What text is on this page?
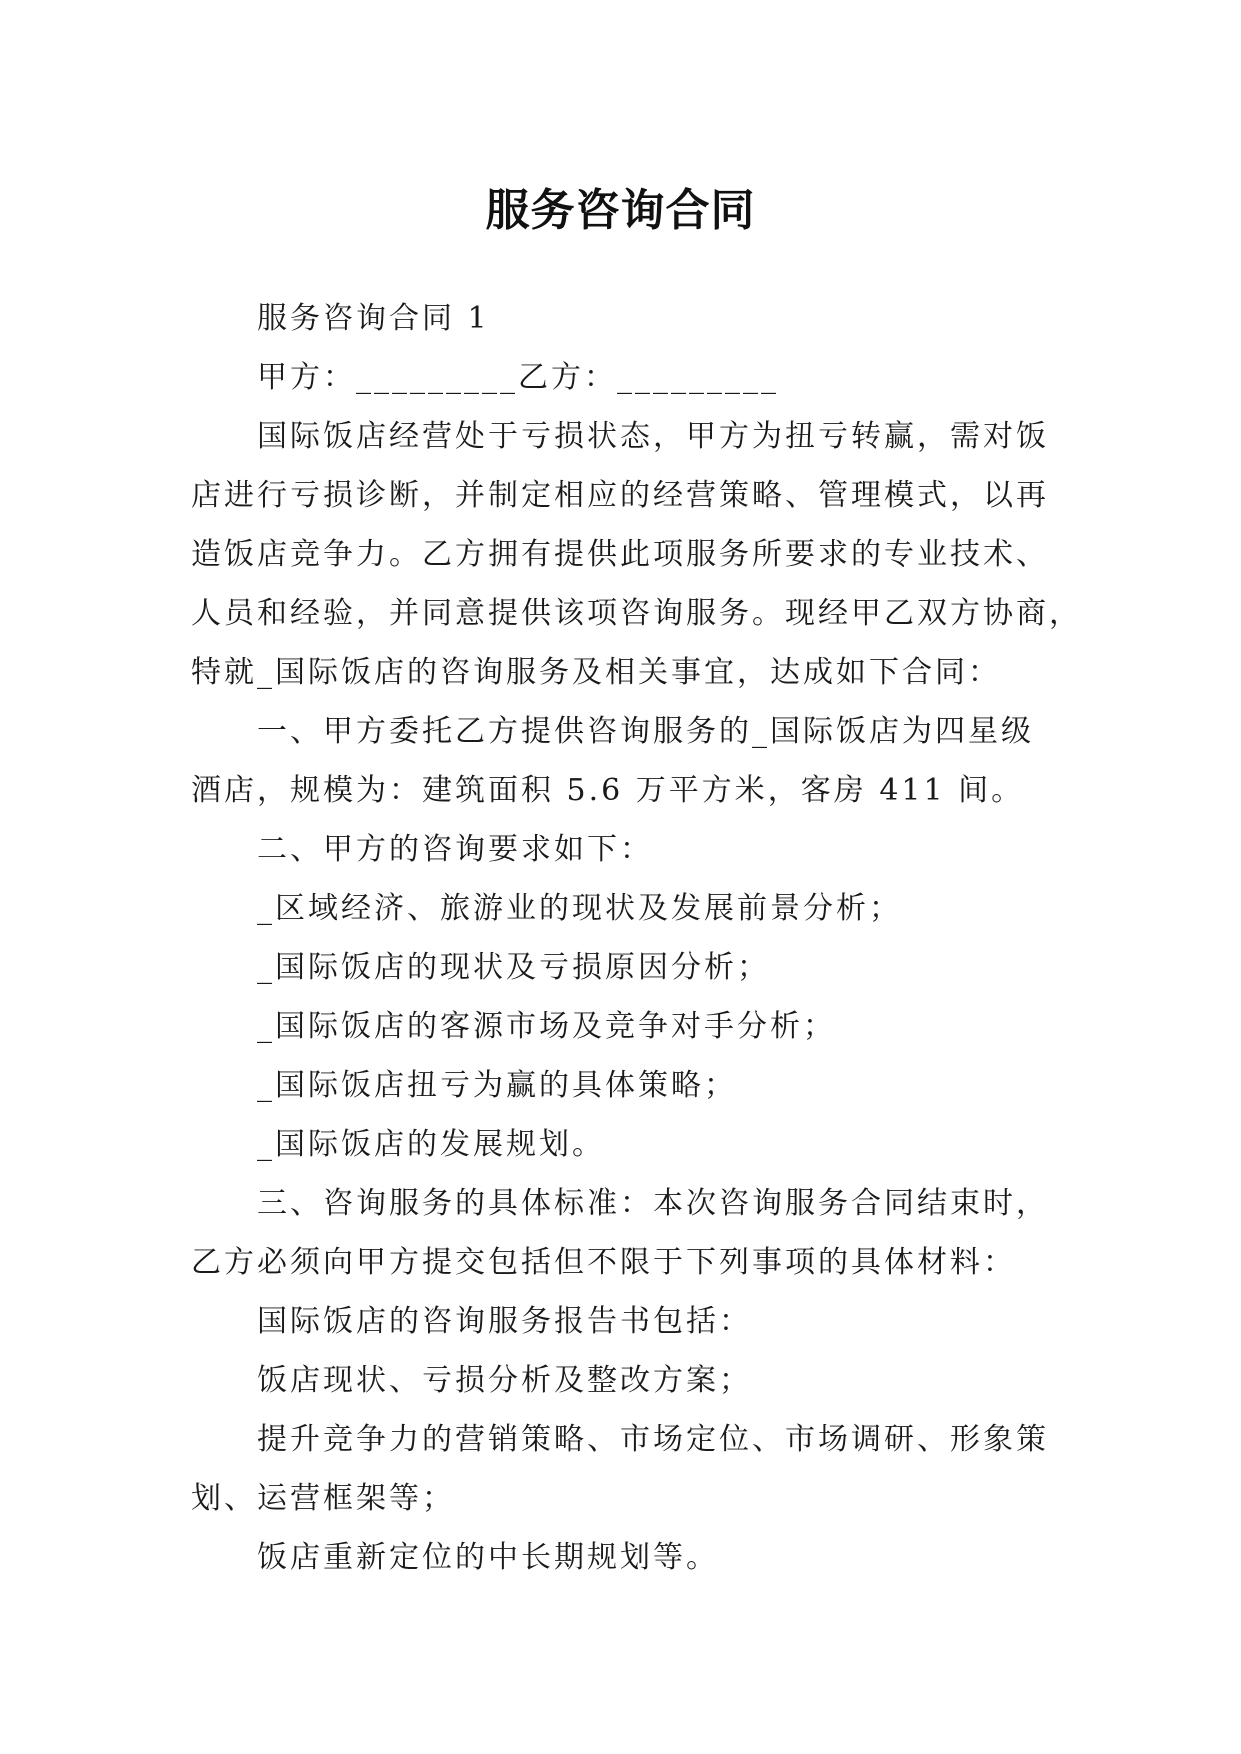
服务咨询合同

服务咨询合同 1

甲方：_________乙方：_________

国际饭店经营处于亏损状态，甲方为扭亏转赢，需对饭

店进行亏损诊断，并制定相应的经营策略、管理模式，以再

造饭店竞争力。乙方拥有提供此项服务所要求的专业技术、

人员和经验，并同意提供该项咨询服务。现经甲乙双方协商，

特就_国际饭店的咨询服务及相关事宜，达成如下合同：

一、甲方委托乙方提供咨询服务的_国际饭店为四星级

酒店，规模为：建筑面积 5.6 万平方米，客房 411 间。

二、甲方的咨询要求如下：

_区域经济、旅游业的现状及发展前景分析；

_国际饭店的现状及亏损原因分析；

_国际饭店的客源市场及竞争对手分析；

_国际饭店扭亏为赢的具体策略；

_国际饭店的发展规划。

三、咨询服务的具体标准：本次咨询服务合同结束时，

乙方必须向甲方提交包括但不限于下列事项的具体材料：

国际饭店的咨询服务报告书包括：

饭店现状、亏损分析及整改方案；

提升竞争力的营销策略、市场定位、市场调研、形象策

划、运营框架等；

饭店重新定位的中长期规划等。
